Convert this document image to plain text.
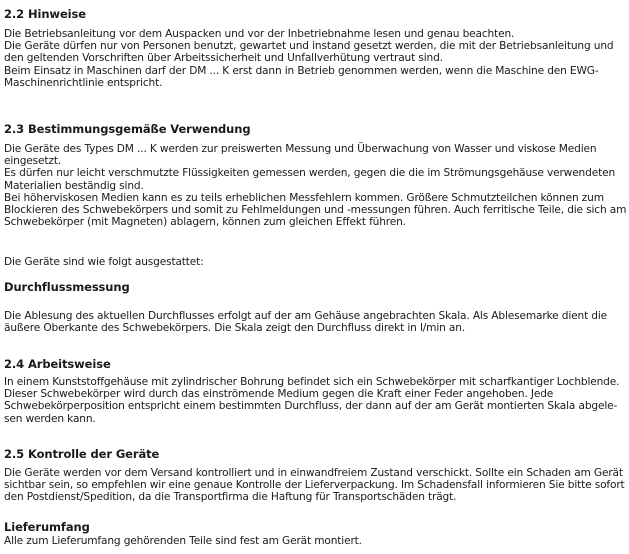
2.2 Hinweise

Die Betriebsanleitung vor dem Auspacken und vor der Inbetriebnahme lesen und genau beachten.
Die Geräte dürfen nur von Personen benutzt, gewartet und instand gesetzt werden, die mit der Betriebsanleitung und
den geltenden Vorschriften über Arbeitssicherheit und Unfallverhütung vertraut sind.
Beim Einsatz in Maschinen darf der DM ... K erst dann in Betrieb genommen werden, wenn die Maschine den EWG-
Maschinenrichtlinie entspricht.

2.3 Bestimmungsgemäße Verwendung

Die Geräte des Types DM ... K werden zur preiswerten Messung und Überwachung von Wasser und viskose Medien
eingesetzt.
Es dürfen nur leicht verschmutzte Flüssigkeiten gemessen werden, gegen die die im Strömungsgehäuse verwendeten
Materialien beständig sind.
Bei höherviskosen Medien kann es zu teils erheblichen Messfehlern kommen. Größere Schmutzteilchen können zum
Blockieren des Schwebekörpers und somit zu Fehlmeldungen und -messungen führen. Auch ferritische Teile, die sich am
Schwebekörper (mit Magneten) ablagern, können zum gleichen Effekt führen.
Die Geräte sind wie folgt ausgestattet:

Durchflussmessung

Die Ablesung des aktuellen Durchflusses erfolgt auf der am Gehäuse angebrachten Skala. Als Ablesemarke dient die
äußere Oberkante des Schwebekörpers. Die Skala zeigt den Durchfluss direkt in l/min an.

2.4 Arbeitsweise

In einem Kunststoffgehäuse mit zylindrischer Bohrung befindet sich ein Schwebekörper mit scharfkantiger Lochblende.
Dieser Schwebekörper wird durch das einströmende Medium gegen die Kraft einer Feder angehoben. Jede
Schwebekörperposition entspricht einem bestimmten Durchfluss, der dann auf der am Gerät montierten Skala abgele-
sen werden kann.

2.5 Kontrolle der Geräte

Die Geräte werden vor dem Versand kontrolliert und in einwandfreiem Zustand verschickt. Sollte ein Schaden am Gerät
sichtbar sein, so empfehlen wir eine genaue Kontrolle der Lieferverpackung. Im Schadensfall informieren Sie bitte sofort
den Postdienst/Spedition, da die Transportfirma die Haftung für Transportschäden trägt.

Lieferumfang

Alle zum Lieferumfang gehörenden Teile sind fest am Gerät montiert.
